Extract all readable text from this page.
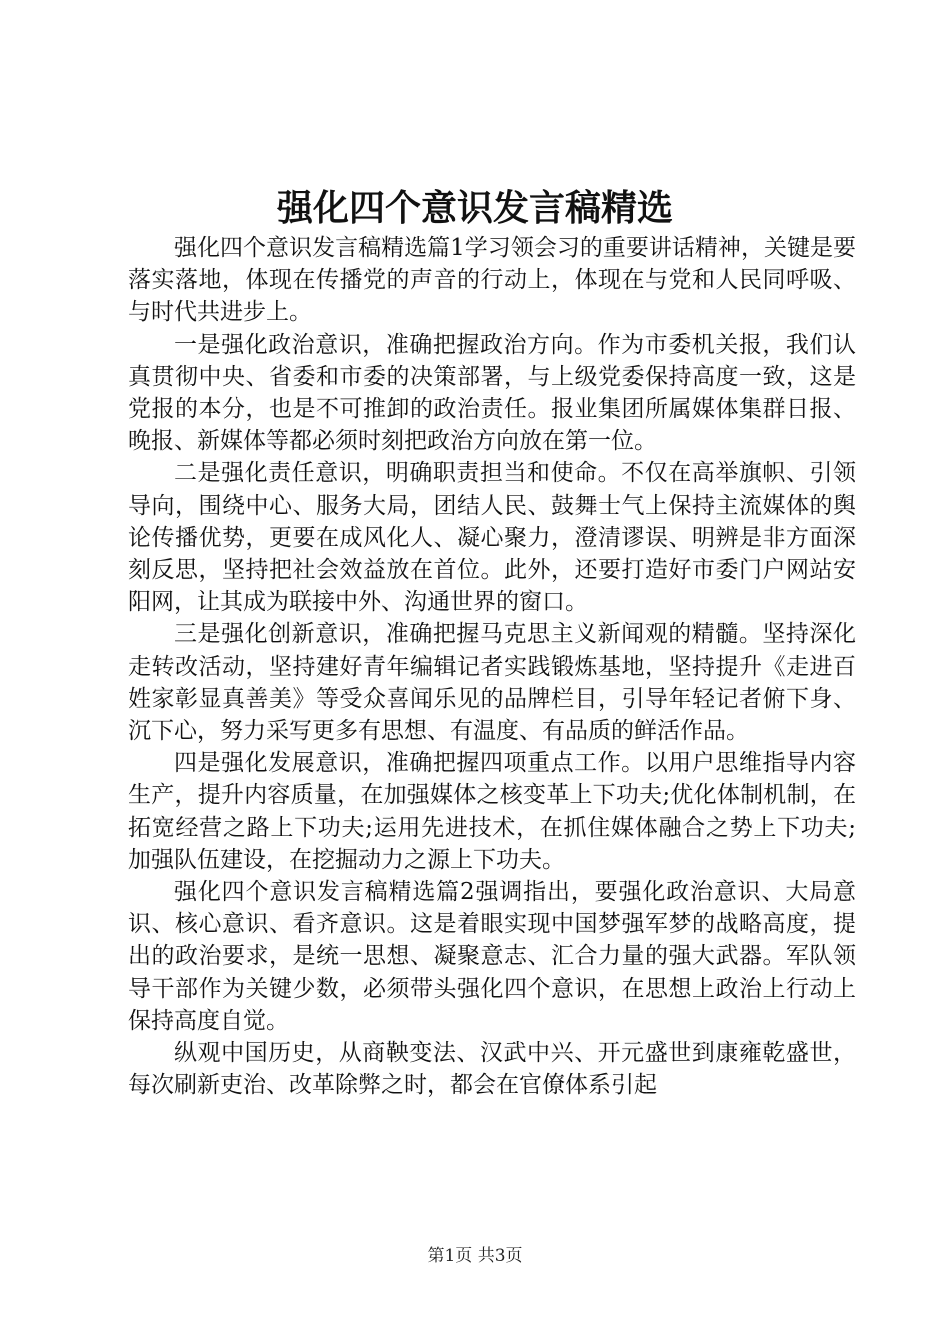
强化四个意识发言稿精选

强化四个意识发言稿精选篇1学习领会习的重要讲话精神，关键是要落实落地，体现在传播党的声音的行动上，体现在与党和人民同呼吸、与时代共进步上。

一是强化政治意识，准确把握政治方向。作为市委机关报，我们认真贯彻中央、省委和市委的决策部署，与上级党委保持高度一致，这是党报的本分，也是不可推卸的政治责任。报业集团所属媒体集群日报、晚报、新媒体等都必须时刻把政治方向放在第一位。

二是强化责任意识，明确职责担当和使命。不仅在高举旗帜、引领导向，围绕中心、服务大局，团结人民、鼓舞士气上保持主流媒体的舆论传播优势，更要在成风化人、凝心聚力，澄清谬误、明辨是非方面深刻反思，坚持把社会效益放在首位。此外，还要打造好市委门户网站安阳网，让其成为联接中外、沟通世界的窗口。

三是强化创新意识，准确把握马克思主义新闻观的精髓。坚持深化走转改活动，坚持建好青年编辑记者实践锻炼基地，坚持提升《走进百姓家彰显真善美》等受众喜闻乐见的品牌栏目，引导年轻记者俯下身、沉下心，努力采写更多有思想、有温度、有品质的鲜活作品。

四是强化发展意识，准确把握四项重点工作。以用户思维指导内容生产，提升内容质量，在加强媒体之核变革上下功夫;优化体制机制，在拓宽经营之路上下功夫;运用先进技术，在抓住媒体融合之势上下功夫;加强队伍建设，在挖掘动力之源上下功夫。

强化四个意识发言稿精选篇2强调指出，要强化政治意识、大局意识、核心意识、看齐意识。这是着眼实现中国梦强军梦的战略高度，提出的政治要求，是统一思想、凝聚意志、汇合力量的强大武器。军队领导干部作为关键少数，必须带头强化四个意识，在思想上政治上行动上保持高度自觉。

纵观中国历史，从商鞅变法、汉武中兴、开元盛世到康雍乾盛世，每次刷新吏治、改革除弊之时，都会在官僚体系引起

第1页 共3页
